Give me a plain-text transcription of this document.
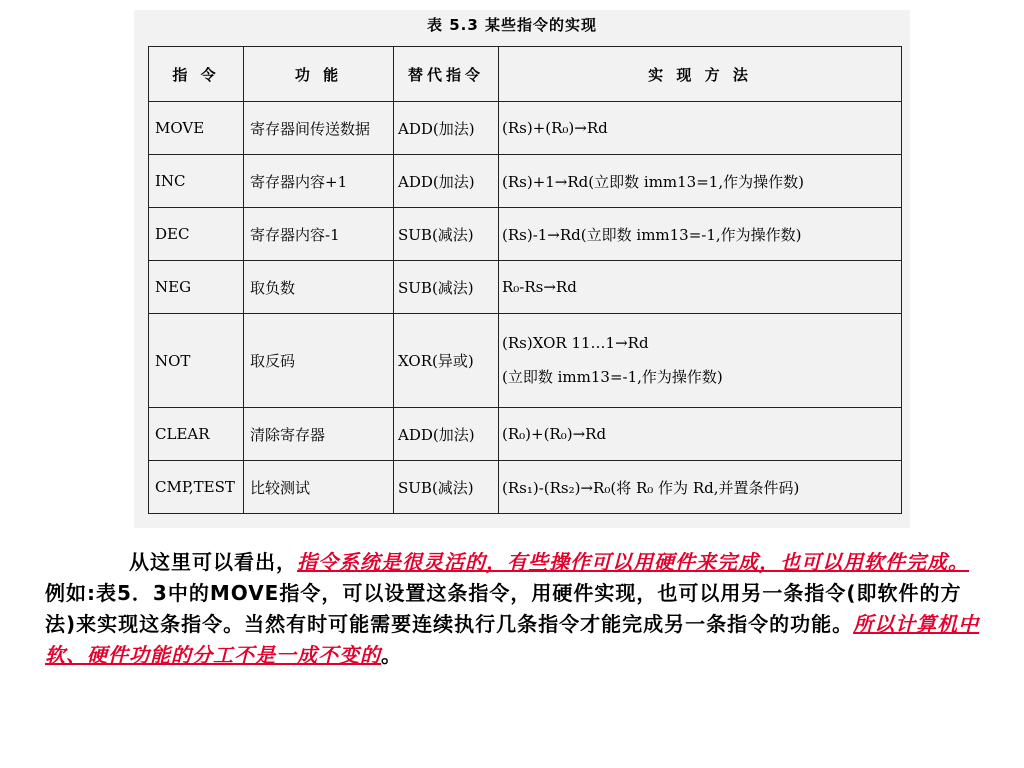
表 5.3 某些指令的实现
指 令	功 能	替代指令	实 现 方 法
MOVE	寄存器间传送数据	ADD(加法)	(Rs)+(R₀)→Rd
INC	寄存器内容+1	ADD(加法)	(Rs)+1→Rd(立即数 imm13=1,作为操作数)
DEC	寄存器内容-1	SUB(减法)	(Rs)-1→Rd(立即数 imm13=-1,作为操作数)
NEG	取负数	SUB(减法)	R₀-Rs→Rd
NOT	取反码	XOR(异或)	(Rs)XOR 11…1→Rd
(立即数 imm13=-1,作为操作数)

CLEAR	清除寄存器	ADD(加法)	(R₀)+(R₀)→Rd
CMP,TEST	比较测试	SUB(减法)	(Rs₁)-(Rs₂)→R₀(将 R₀ 作为 Rd,并置条件码)
从这里可以看出，指令系统是很灵活的，有些操作可以用硬件来完成，也可以用软件完成。例如:表5．3中的MOVE指令，可以设置这条指令，用硬件实现，也可以用另一条指令(即软件的方法)来实现这条指令。当然有时可能需要连续执行几条指令才能完成另一条指令的功能。所以计算机中软、硬件功能的分工不是一成不变的。
